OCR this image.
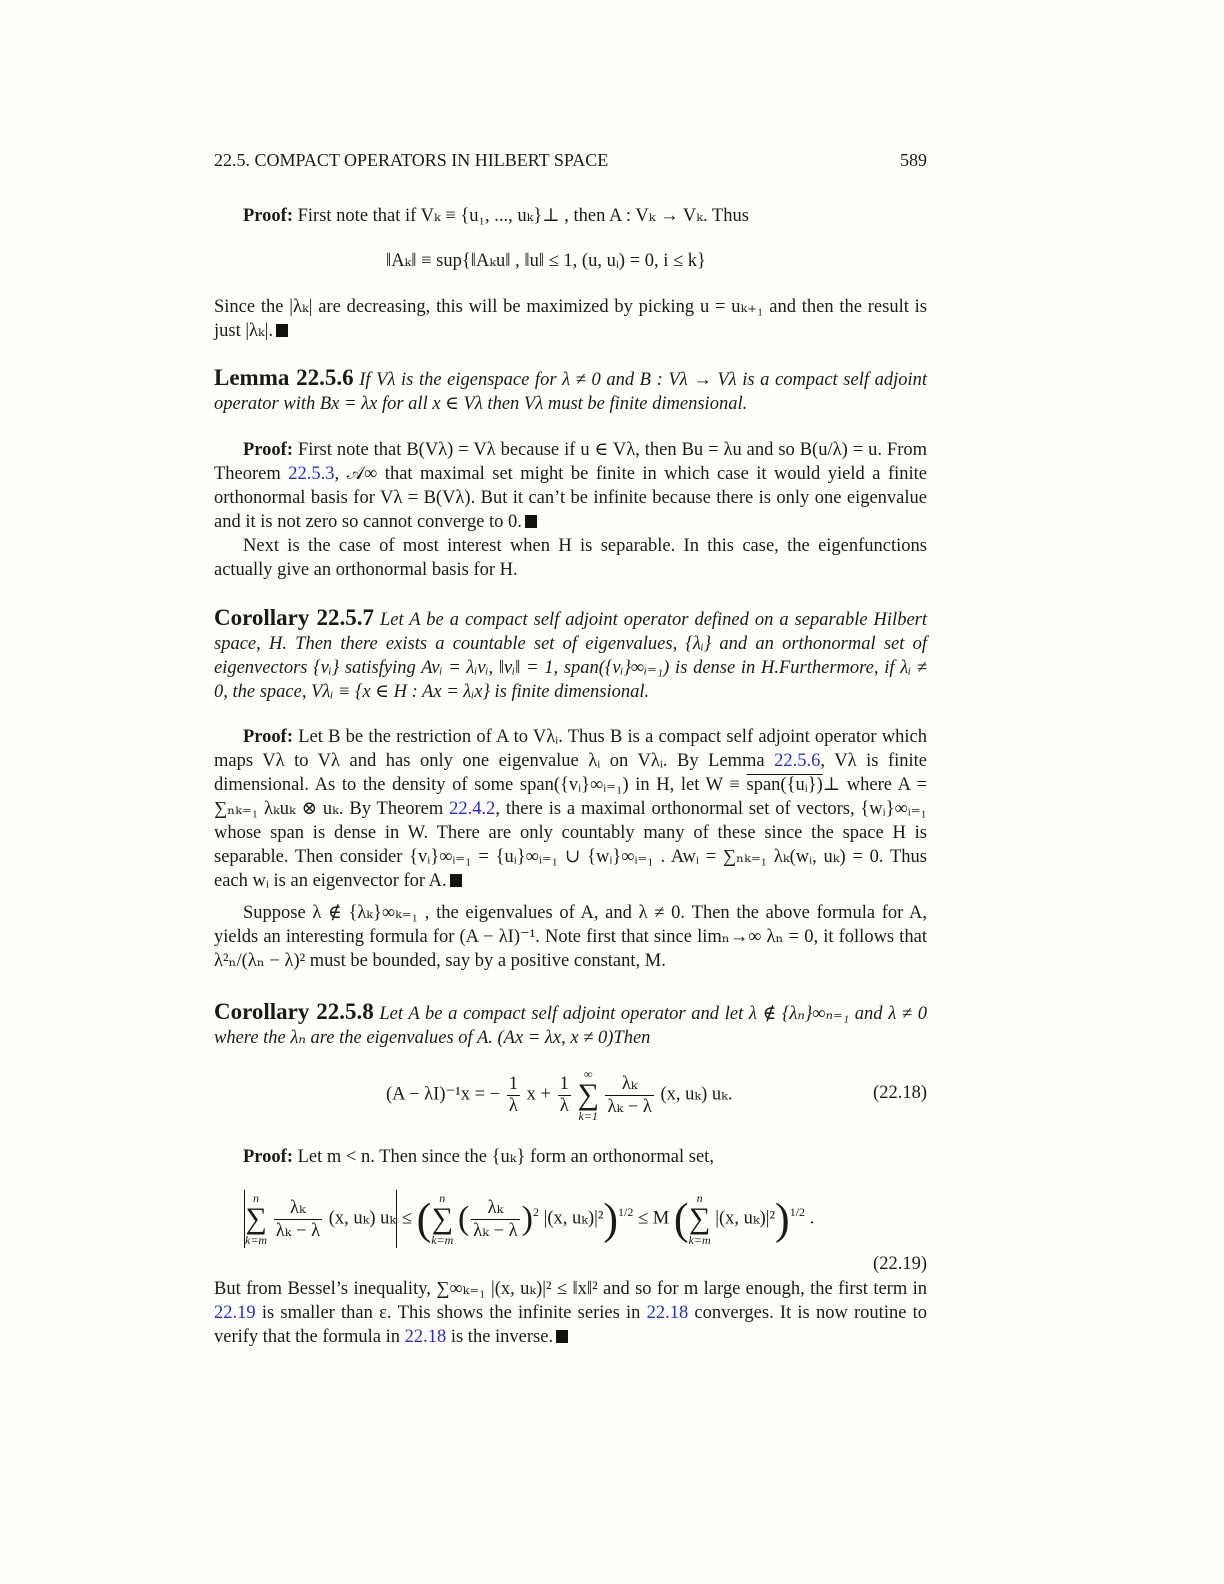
22.5. COMPACT OPERATORS IN HILBERT SPACE	589
Proof: First note that if Vₖ ≡ {u₁, ..., uₖ}⊥ , then A : Vₖ → Vₖ. Thus
‖Aₖ‖ ≡ sup{‖Aₖu‖ , ‖u‖ ≤ 1, (u, uᵢ) = 0, i ≤ k}
Since the |λₖ| are decreasing, this will be maximized by picking u = uₖ₊₁ and then the result is just |λₖ|.
Lemma 22.5.6 If Vλ is the eigenspace for λ ≠ 0 and B : Vλ → Vλ is a compact self adjoint operator with Bx = λx for all x ∈ Vλ then Vλ must be finite dimensional.
Proof: First note that B(Vλ) = Vλ because if u ∈ Vλ, then Bu = λu and so B(u/λ) = u. From Theorem 22.5.3, 𝒜∞ that maximal set might be finite in which case it would yield a finite orthonormal basis for Vλ = B(Vλ). But it can’t be infinite because there is only one eigenvalue and it is not zero so cannot converge to 0.
Next is the case of most interest when H is separable. In this case, the eigenfunctions actually give an orthonormal basis for H.
Corollary 22.5.7 Let A be a compact self adjoint operator defined on a separable Hilbert space, H. Then there exists a countable set of eigenvalues, {λᵢ} and an orthonormal set of eigenvectors {vᵢ} satisfying Avᵢ = λᵢvᵢ, ‖vᵢ‖ = 1, span({vᵢ}∞ᵢ₌₁) is dense in H.Furthermore, if λᵢ ≠ 0, the space, Vλᵢ ≡ {x ∈ H : Ax = λᵢx} is finite dimensional.
Proof: Let B be the restriction of A to Vλᵢ. Thus B is a compact self adjoint operator which maps Vλ to Vλ and has only one eigenvalue λᵢ on Vλᵢ. By Lemma 22.5.6, Vλ is finite dimensional. As to the density of some span({vᵢ}∞ᵢ₌₁) in H, let W ≡ span({uᵢ})⊥ where A = ∑ₙₖ₌₁ λₖuₖ ⊗ uₖ. By Theorem 22.4.2, there is a maximal orthonormal set of vectors, {wᵢ}∞ᵢ₌₁ whose span is dense in W. There are only countably many of these since the space H is separable. Then consider {vᵢ}∞ᵢ₌₁ = {uᵢ}∞ᵢ₌₁ ∪ {wᵢ}∞ᵢ₌₁ . Awᵢ = ∑ₙₖ₌₁ λₖ(wᵢ, uₖ) = 0. Thus each wᵢ is an eigenvector for A.
Suppose λ ∉ {λₖ}∞ₖ₌₁ , the eigenvalues of A, and λ ≠ 0. Then the above formula for A, yields an interesting formula for (A − λI)⁻¹. Note first that since limₙ→∞ λₙ = 0, it follows that λ²ₙ/(λₙ − λ)² must be bounded, say by a positive constant, M.
Corollary 22.5.8 Let A be a compact self adjoint operator and let λ ∉ {λₙ}∞ₙ₌₁ and λ ≠ 0 where the λₙ are the eigenvalues of A. (Ax = λx, x ≠ 0)Then
(A − λI)⁻¹x = − $\frac{1}{\lambda}$ $x + \frac{1}{\lambda}$
	∞
∑
k=1
$\frac{\text{λₖ}}{\text{λₖ − λ}} (x$, uₖ) uₖ.	(22.18)
Proof: Let m < n. Then since the {uₖ} form an orthonormal set,
n
∑
k=m
$\frac{\text{λₖ}}{\text{λₖ − λ}} (x$, uₖ) uₖ ≤ ( n
∑
k=m
( $\frac{\text{λₖ}}{\text{λₖ − λ}} )^2$ |(x, uₖ)|²)$^{1/2}$ ≤ M ( n
∑
k=m
|(x, uₖ)|²)$^{1/2}$ .
(22.19)
But from Bessel’s inequality, ∑∞ₖ₌₁ |(x, uₖ)|² ≤ ‖x‖² and so for m large enough, the first term in 22.19 is smaller than ε. This shows the infinite series in 22.18 converges. It is now routine to verify that the formula in 22.18 is the inverse.
